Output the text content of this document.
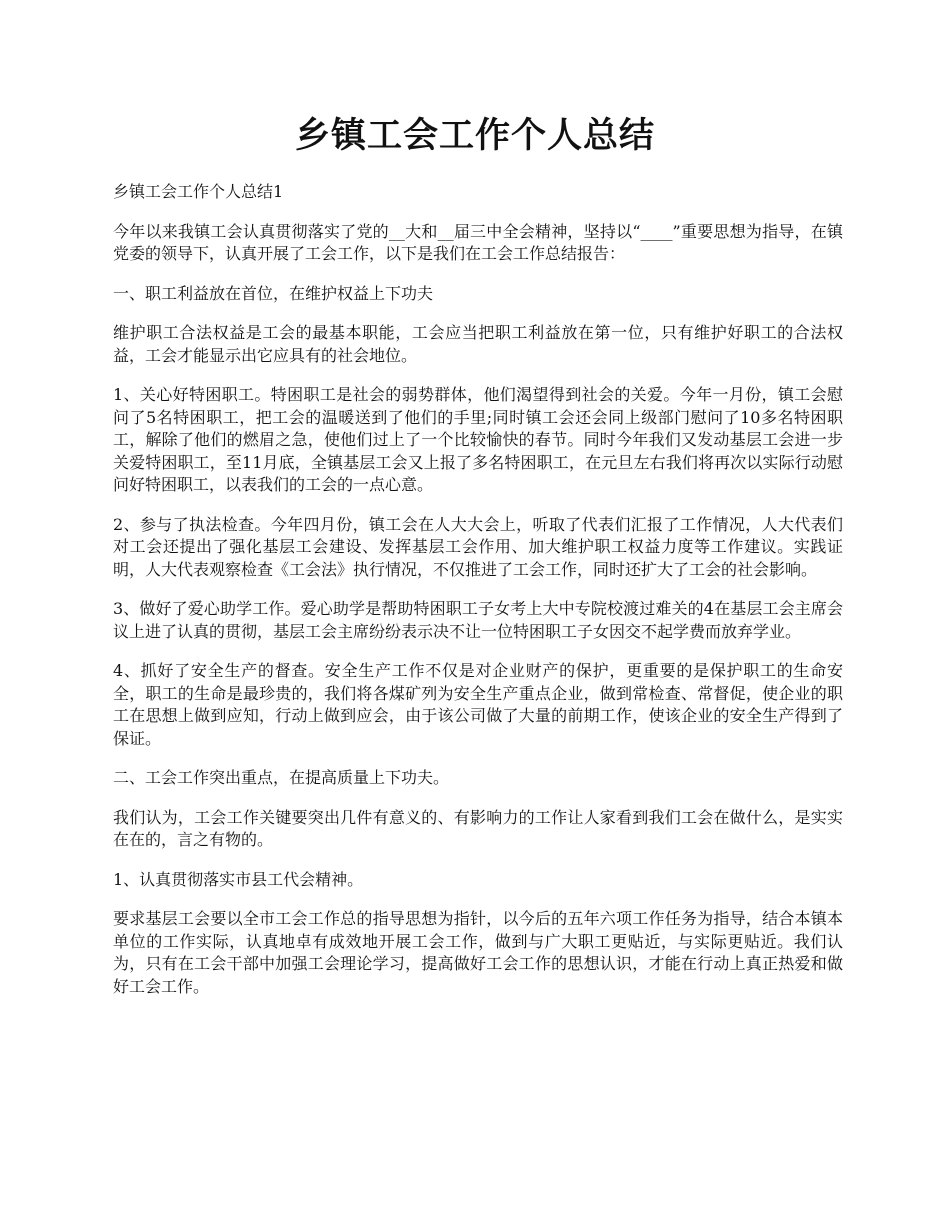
乡镇工会工作个人总结

乡镇工会工作个人总结1

今年以来我镇工会认真贯彻落实了党的__大和__届三中全会精神，坚持以“____”重要思想为指导，在镇党委的领导下，认真开展了工会工作，以下是我们在工会工作总结报告：

一、职工利益放在首位，在维护权益上下功夫

维护职工合法权益是工会的最基本职能，工会应当把职工利益放在第一位，只有维护好职工的合法权益，工会才能显示出它应具有的社会地位。

1、关心好特困职工。特困职工是社会的弱势群体，他们渴望得到社会的关爱。今年一月份，镇工会慰问了5名特困职工，把工会的温暖送到了他们的手里;同时镇工会还会同上级部门慰问了10多名特困职工，解除了他们的燃眉之急，使他们过上了一个比较愉快的春节。同时今年我们又发动基层工会进一步关爱特困职工，至11月底，全镇基层工会又上报了多名特困职工，在元旦左右我们将再次以实际行动慰问好特困职工，以表我们的工会的一点心意。

2、参与了执法检查。今年四月份，镇工会在人大大会上，听取了代表们汇报了工作情况，人大代表们对工会还提出了强化基层工会建设、发挥基层工会作用、加大维护职工权益力度等工作建议。实践证明，人大代表观察检查《工会法》执行情况，不仅推进了工会工作，同时还扩大了工会的社会影响。

3、做好了爱心助学工作。爱心助学是帮助特困职工子女考上大中专院校渡过难关的4在基层工会主席会议上进了认真的贯彻，基层工会主席纷纷表示决不让一位特困职工子女因交不起学费而放弃学业。

4、抓好了安全生产的督查。安全生产工作不仅是对企业财产的保护，更重要的是保护职工的生命安全，职工的生命是最珍贵的，我们将各煤矿列为安全生产重点企业，做到常检查、常督促，使企业的职工在思想上做到应知，行动上做到应会，由于该公司做了大量的前期工作，使该企业的安全生产得到了保证。

二、工会工作突出重点，在提高质量上下功夫。

我们认为，工会工作关键要突出几件有意义的、有影响力的工作让人家看到我们工会在做什么，是实实在在的，言之有物的。

1、认真贯彻落实市县工代会精神。

要求基层工会要以全市工会工作总的指导思想为指针，以今后的五年六项工作任务为指导，结合本镇本单位的工作实际，认真地卓有成效地开展工会工作，做到与广大职工更贴近，与实际更贴近。我们认为，只有在工会干部中加强工会理论学习，提高做好工会工作的思想认识，才能在行动上真正热爱和做好工会工作。
